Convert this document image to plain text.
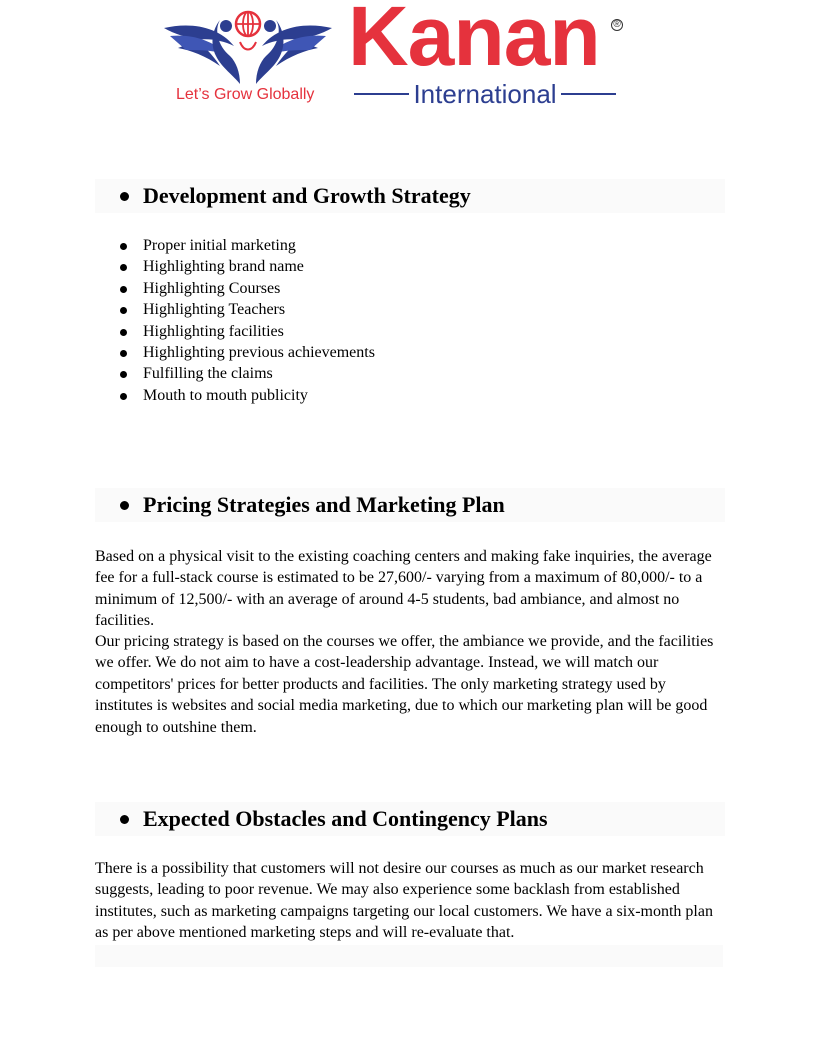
Let’s Grow Globally
Kanan ®
International
Development and Growth Strategy
Proper initial marketing
Highlighting brand name
Highlighting Courses
Highlighting Teachers
Highlighting facilities
Highlighting previous achievements
Fulfilling the claims
Mouth to mouth publicity
Pricing Strategies and Marketing Plan

Based on a physical visit to the existing coaching centers and making fake inquiries, the average fee for a full-stack course is estimated to be 27,600/- varying from a maximum of 80,000/- to a minimum of 12,500/- with an average of around 4-5 students, bad ambiance, and almost no facilities.

Our pricing strategy is based on the courses we offer, the ambiance we provide, and the facilities we offer. We do not aim to have a cost-leadership advantage. Instead, we will match our competitors' prices for better products and facilities. The only marketing strategy used by institutes is websites and social media marketing, due to which our marketing plan will be good enough to outshine them.

Expected Obstacles and Contingency Plans

There is a possibility that customers will not desire our courses as much as our market research suggests, leading to poor revenue. We may also experience some backlash from established institutes, such as marketing campaigns targeting our local customers. We have a six-month plan as per above mentioned marketing steps and will re-evaluate that.
